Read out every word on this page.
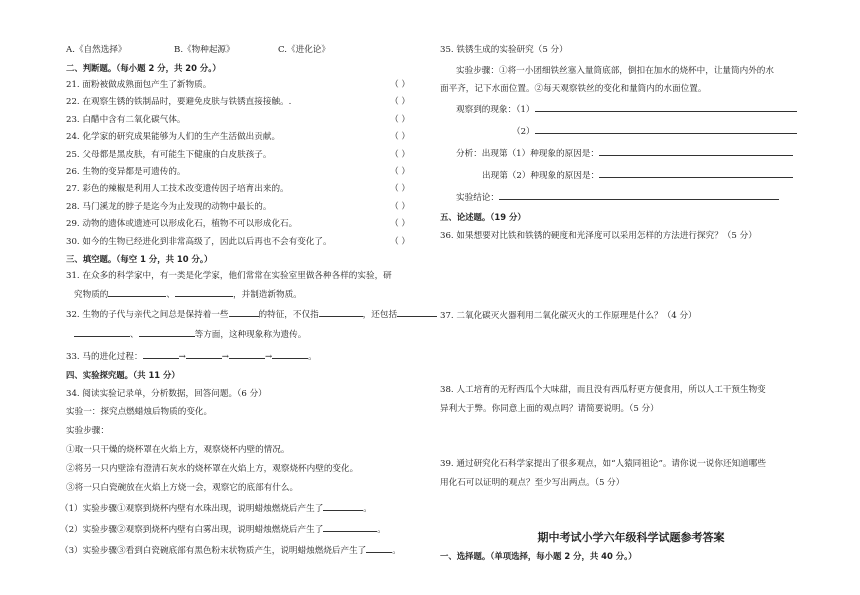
A.《自然选择》	B.《物种起源》	C.《进化论》
二、判断题。（每小题 2 分，共 20 分。）
21. 面粉被做成熟面包产生了新物质。	（ ）
22. 在观察生锈的铁制品时，要避免皮肤与铁锈直接接触。.	（ ）
23. 白醋中含有二氧化碳气体。	（ ）
24. 化学家的研究成果能够为人们的生产生活做出贡献。	（ ）
25. 父母都是黑皮肤，有可能生下健康的白皮肤孩子。	（ ）
26. 生物的变异都是可遗传的。	（ ）
27. 彩色的辣椒是利用人工技术改变遗传因子培育出来的。	（ ）
28. 马门溪龙的脖子是迄今为止发现的动物中最长的。	（ ）
29. 动物的遗体或遗迹可以形成化石，植物不可以形成化石。	（ ）
30. 如今的生物已经进化到非常高级了，因此以后再也不会有变化了。	（ ）
三、填空题。（每空 1 分，共 10 分。）
31. 在众多的科学家中，有一类是化学家，他们常常在实验室里做各种各样的实验，研
究物质的	、	，并制造新物质。
32. 生物的子代与亲代之间总是保持着一些	的特征，不仅指	，还包括
、	等方面，这种现象称为遗传。
33. 马的进化过程：	→	→	→	。
四、实验探究题。（共 11 分）
34. 阅读实验记录单，分析数据，回答问题。（6 分）
实验一：探究点燃蜡烛后物质的变化。
实验步骤：
①取一只干燥的烧杯罩在火焰上方，观察烧杯内壁的情况。
②将另一只内壁涂有澄清石灰水的烧杯罩在火焰上方，观察烧杯内壁的变化。
③将一只白瓷碗放在火焰上方烧一会，观察它的底部有什么。
（1）实验步骤①观察到烧杯内壁有水珠出现，说明蜡烛燃烧后产生了	。
（2）实验步骤②观察到烧杯内壁有白雾出现，说明蜡烛燃烧后产生了	。
（3）实验步骤③看到白瓷碗底部有黑色粉末状物质产生，说明蜡烛燃烧后产生了	。
35. 铁锈生成的实验研究（5 分）
实验步骤：①将一小团细铁丝塞入量筒底部，倒扣在加水的烧杯中，让量筒内外的水
面平齐，记下水面位置。②每天观察铁丝的变化和量筒内的水面位置。
观察到的现象：（1）
（2）
分析：出现第（1）种现象的原因是：
出现第（2）种现象的原因是：
实验结论：
五、论述题。（19 分）
36. 如果想要对比铁和铁锈的硬度和光泽度可以采用怎样的方法进行探究？（5 分）
37. 二氧化碳灭火器利用二氧化碳灭火的工作原理是什么？（4 分）
38. 人工培育的无籽西瓜个大味甜，而且没有西瓜籽更方便食用，所以人工干预生物变
异利大于弊。你同意上面的观点吗？请简要说明。（5 分）
39. 通过研究化石科学家提出了很多观点，如“人猿同祖论”。请你说一说你还知道哪些
用化石可以证明的观点？至少写出两点。（5 分）
期中考试小学六年级科学试题参考答案
一、选择题。（单项选择，每小题 2 分，共 40 分。）
